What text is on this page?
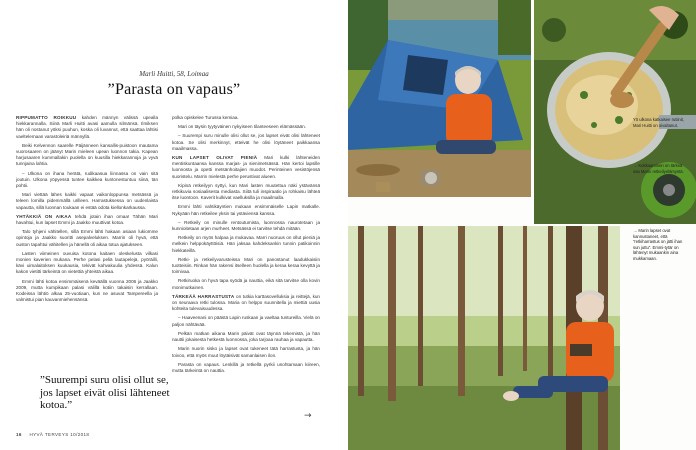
Marli Huitti, 58, Loimaa
”Parasta on vapaus”

RIPPUMATTO ROIKKUU kahden männyn välissä upealla hiekkarannalla. Siinä Marli Huitti avasi aamulla silmänsä. Ilmiksen hän oli nostanut yöksi puuhun, koska oli luvannut, että saattaa lähtisi vaeltelemaan varastoleiriä männyllä.

Beiki Kelvennon saarelle Päijänneen kansallis-puistoon mautama vuorosaaren on jäänyt Marin mieleen upean luonnon takia. Kapean harjusaaren kummallakin puolella on kuusilla hiekkarannoja ja vyvä tunnjaina lahtia.

– Ulkona on ihana herätä, rudikaasua liinnassa on vain sitä joutuin. Ulkona yöpyessä tuntee kaikkea kuntonestuntuu siinä, tän pohtii.

Mari viettää lähes kaikki vapaat vaikonloppunsa metsässä ja teleen lomilla pidemmällä urilleen. Harrastuksessa on uudenlaista vapautta, sillä luonnan toukaan ei estää odota kiellonkarkaussa.

YHTÄKKIÄ ON AIKAA tehdä jotain ihan omaa! Tähän Mari havahtui, kun lapset Emmi ja Jaakko muuttivat kotoa.

Talo tyhjeni vähitellen, sillä Emmi lähti hakaan asiaan lukiomme opintoja ja Jaakko suoritti asepalveluksen. Marrin oli hyvä, että ouston tapahtui vähitellen ja hänellä oli aikaa totua ajatukseen.

Lasten viimeinen ouvuisa kotona kaitaen oleskelusta vilkasi monien kaverien mukana. Perhe pelasi peliä lautapelejä, pyöräilli, kävi uimalaitoksen kuukausia, tekivät kahvakuulia yhdessä. Kalun kakon vietitti tärkeintä on vietettiä yhteistä aikaa.

Emmi lähti kotoa ensimmäisenä keväällä vuonna 2006 ja Jaakko 2009, mutta kumpikaan palasi välillä kotiin takaisin kerrallaan. Kodeissa lähtiö alkaa 25-vuotiaan, kun ne asuvat Tampereella ja valmistui pian kauvanmiehensänsä.

polka opiskelee Turussa kemiaa.

Mari on täysin tyytyväinen nykyiseen tilanteeseen elämässään.

– Suurempi suru minulle olisi ollut se, jos lapset eivät olisi lähteneet kotoa. Se olisi merkinnyt, etteivät he olisi löytäneet paikkaansa maailmassa.

KUN LAPSET OLIVAT PIENIÄ Mari kulki lähteneiden mentiskuntaansa kanssa marjas- ja sienimetsässä. Hän kertoi lapsille luonnosta ja opetti metsänhoitajien muodot. Perinteinen vesistöjensä suoristelu. Marrin mielestä perhe perustivat alueen.

Kipinä retkeilyyn syttyi, kun Mari lasten muutettua näki ystävänsä retkikuvia sosiaalisesta mediasta. Siitä tuli inspiraatio ja rohkaisu lähteä itse luontoon. Kaverit kulkivat vaelluksilla ja maailmalla.

Emmi lähti vahtikäyntien mukaan ensimmäiselle Lapin matkalle. Nykyään hän retkeilee yksin tai ystäviensä kanssa.

– Retkeily on minulle rentoutumista, luonnossa naurotetaan ja kunnioitetaan arjen murheet. Metsässä ei tarvitse tehdä mitään.

Retkeily on myös halpaa ja mukavaa. Marri nuoruus on ollut pieniä ja melkein helppokäyttöisiä. Hän jaksaa kahdeksankin tunnin patikoinnin hiekkateillä.

Retki- ja retkeilyvarusteissa Mari on panostanut laadukkaisiin tuotteisiin. Rinkan hän rakensi itselleen huolella ja keraa keraa kevyttä ja toimivaa.

Retkiruoka on hyvä tapa syödä ja nauttia, eikä sitä tarvitse olla kovin monimutkainen.

TÄRKEÄÄ HARRASTUSTA on tutkia karttasovelluksia ja reittejä, kun on seuraava retki tulossa. Maria on helppo suunnitella ja miettiä uusia kohteita tulevaisuudessa.

– Haaveenani on päästä Lapin ruskaan ja vaeltaa tuntureilla. Vielä on paljon nähtävää.

Pelkän matkan aikana Marin päivät ovat täynnä tekemistä, ja hän nauttii jokaisesta hetkestä luonnossa, joka tarjoaa rauhaa ja vapautta.

Marin nuorin sisko ja lapset ovat tukeneet tätä harrastusta, ja hän toivoo, että myös muut löytäisivät samanlaisen ilon.

Parasta on vapaus. Lenkillä ja retkellä pyrkii unohtamaan kiireen, mutta tärkeintä on nauttia.

”Suurempi suru olisi ollut se, jos lapset eivät olisi lähteneet kotoa.”
→
16 HYVÄ TERVEYS 10/2018
Yö ulkona katkaisee rutiinit, Mari Huitti on oivaltanut.
→ Kokkaaminen on tärkeä osa Marin retkeilyelämystä.
→ Marin lapset ovat kannustaneet, että ”retkiharrastus on jätti ihan sun juttu”. Emmi-tytär on lähtenyt mukaankin aina mukkamaan.
